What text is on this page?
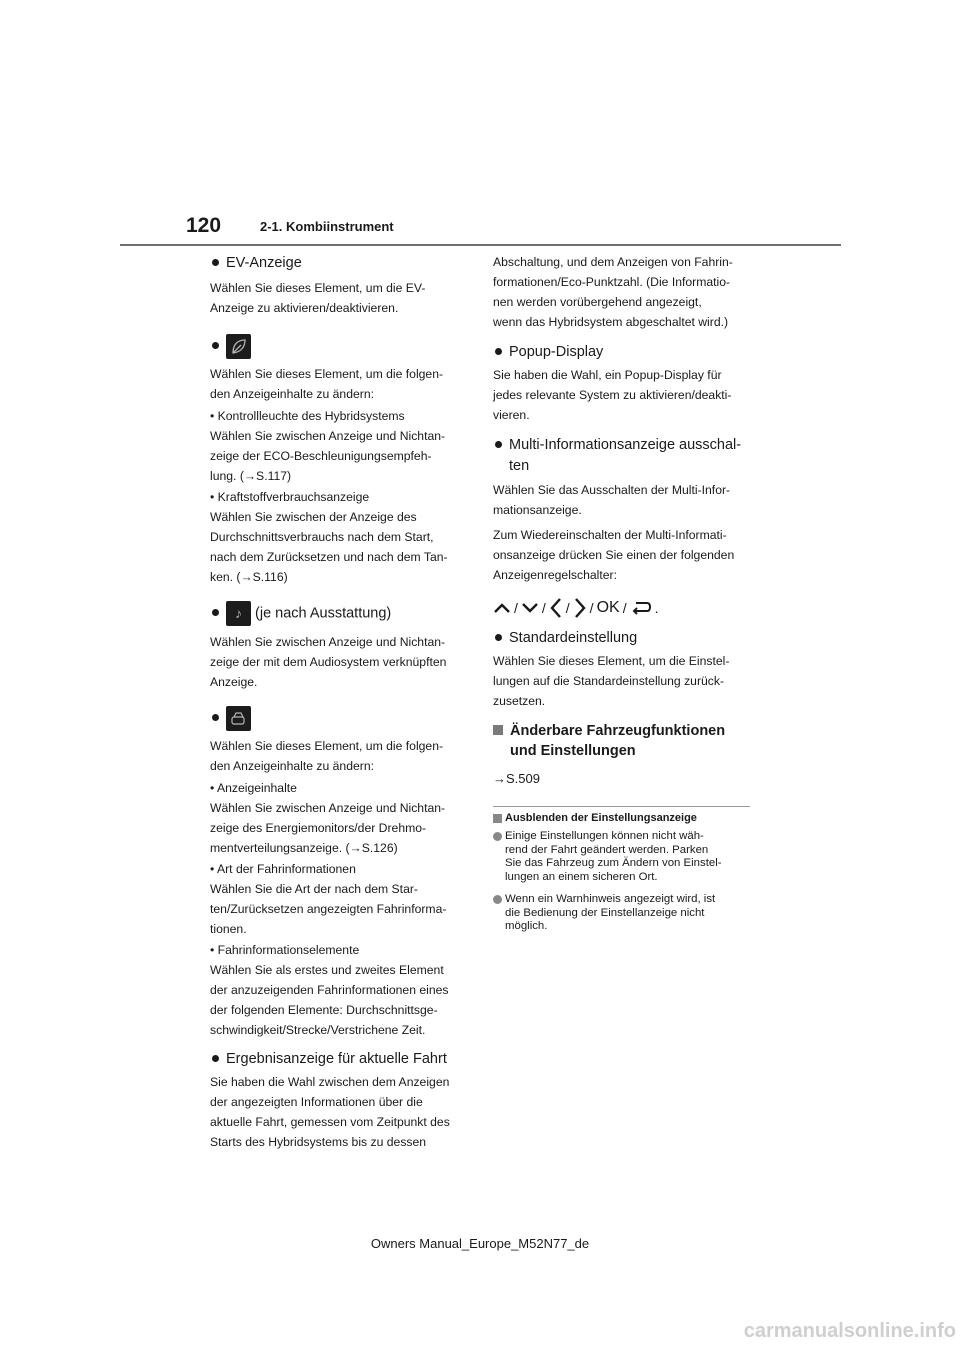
120	2-1. Kombiinstrument

EV-Anzeige

Wählen Sie dieses Element, um die EV-
Anzeige zu aktivieren/deaktivieren.

Wählen Sie dieses Element, um die folgen-
den Anzeigeinhalte zu ändern:

• Kontrollleuchte des Hybridsystems
Wählen Sie zwischen Anzeige und Nichtan-
zeige der ECO-Beschleunigungsempfeh-
lung. (→S.117)

• Kraftstoffverbrauchsanzeige
Wählen Sie zwischen der Anzeige des
Durchschnittsverbrauchs nach dem Start,
nach dem Zurücksetzen und nach dem Tan-
ken. (→S.116)

♪ (je nach Ausstattung)

Wählen Sie zwischen Anzeige und Nichtan-
zeige der mit dem Audiosystem verknüpften
Anzeige.

Wählen Sie dieses Element, um die folgen-
den Anzeigeinhalte zu ändern:

• Anzeigeinhalte
Wählen Sie zwischen Anzeige und Nichtan-
zeige des Energiemonitors/der Drehmo-
mentverteilungsanzeige. (→S.126)

• Art der Fahrinformationen
Wählen Sie die Art der nach dem Star-
ten/Zurücksetzen angezeigten Fahrinforma-
tionen.

• Fahrinformationselemente
Wählen Sie als erstes und zweites Element
der anzuzeigenden Fahrinformationen eines
der folgenden Elemente: Durchschnittsge-
schwindigkeit/Strecke/Verstrichene Zeit.

Ergebnisanzeige für aktuelle Fahrt

Sie haben die Wahl zwischen dem Anzeigen
der angezeigten Informationen über die
aktuelle Fahrt, gemessen vom Zeitpunkt des
Starts des Hybridsystems bis zu dessen

Abschaltung, und dem Anzeigen von Fahrin-
formationen/Eco-Punktzahl. (Die Informatio-
nen werden vorübergehend angezeigt,
wenn das Hybridsystem abgeschaltet wird.)

Popup-Display

Sie haben die Wahl, ein Popup-Display für
jedes relevante System zu aktivieren/deakti-
vieren.

Multi-Informationsanzeige ausschal-
ten

Wählen Sie das Ausschalten der Multi-Infor-
mationsanzeige.

Zum Wiedereinschalten der Multi-Informati-
onsanzeige drücken Sie einen der folgenden
Anzeigenregelschalter:

/ / / / OK / .

Standardeinstellung

Wählen Sie dieses Element, um die Einstel-
lungen auf die Standardeinstellung zurück-
zusetzen.

Änderbare Fahrzeugfunktionen
und Einstellungen

→S.509

Ausblenden der Einstellungsanzeige
Einige Einstellungen können nicht wäh-
rend der Fahrt geändert werden. Parken
Sie das Fahrzeug zum Ändern von Einstel-
lungen an einem sicheren Ort.
Wenn ein Warnhinweis angezeigt wird, ist
die Bedienung der Einstellanzeige nicht
möglich.
Owners Manual_Europe_M52N77_de
carmanualsonline.info
